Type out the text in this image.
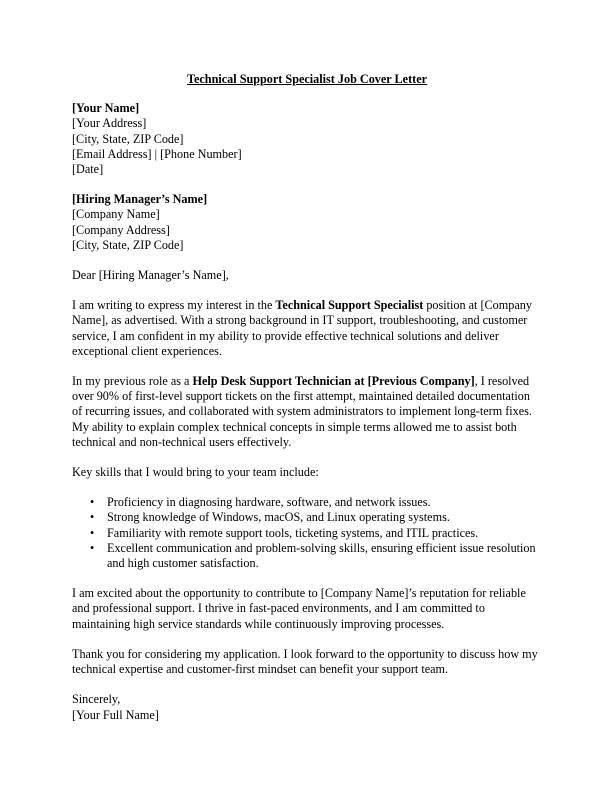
Technical Support Specialist Job Cover Letter
[Your Name]
[Your Address]
[City, State, ZIP Code]
[Email Address] | [Phone Number]
[Date]
[Hiring Manager’s Name]
[Company Name]
[Company Address]
[City, State, ZIP Code]

Dear [Hiring Manager’s Name],

I am writing to express my interest in the Technical Support Specialist position at [Company Name], as advertised. With a strong background in IT support, troubleshooting, and customer service, I am confident in my ability to provide effective technical solutions and deliver exceptional client experiences.

In my previous role as a Help Desk Support Technician at [Previous Company], I resolved over 90% of first-level support tickets on the first attempt, maintained detailed documentation of recurring issues, and collaborated with system administrators to implement long-term fixes. My ability to explain complex technical concepts in simple terms allowed me to assist both technical and non-technical users effectively.

Key skills that I would bring to your team include:

• Proficiency in diagnosing hardware, software, and network issues.
• Strong knowledge of Windows, macOS, and Linux operating systems.
• Familiarity with remote support tools, ticketing systems, and ITIL practices.
• Excellent communication and problem-solving skills, ensuring efficient issue resolution and high customer satisfaction.

I am excited about the opportunity to contribute to [Company Name]’s reputation for reliable and professional support. I thrive in fast-paced environments, and I am committed to maintaining high service standards while continuously improving processes.

Thank you for considering my application. I look forward to the opportunity to discuss how my technical expertise and customer-first mindset can benefit your support team.

Sincerely,
[Your Full Name]
